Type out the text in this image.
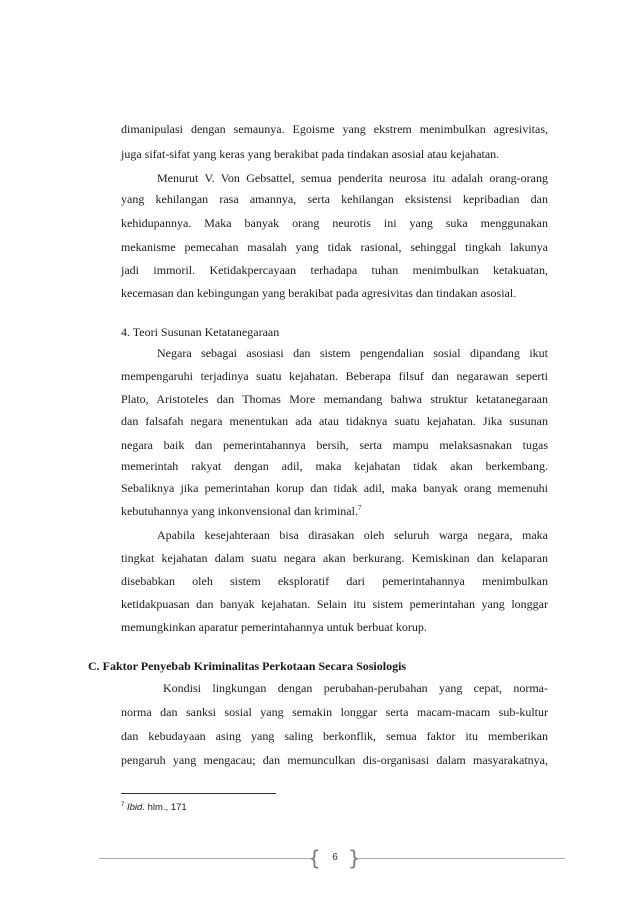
dimanipulasi dengan semaunya. Egoisme yang ekstrem menimbulkan agresivitas,
juga sifat-sifat yang keras yang berakibat pada tindakan asosial atau kejahatan.
Menurut V. Von Gebsattel, semua penderita neurosa itu adalah orang-orang
yang kehilangan rasa amannya, serta kehilangan eksistensi kepribadian dan
kehidupannya. Maka banyak orang neurotis ini yang suka menggunakan
mekanisme pemecahan masalah yang tidak rasional, sehinggal tingkah lakunya
jadi immoril. Ketidakpercayaan terhadapa tuhan menimbulkan ketakuatan,
kecemasan dan kebingungan yang berakibat pada agresivitas dan tindakan asosial.
4. Teori Susunan Ketatanegaraan
Negara sebagai asosiasi dan sistem pengendalian sosial dipandang ikut
mempengaruhi terjadinya suatu kejahatan. Beberapa filsuf dan negarawan seperti
Plato, Aristoteles dan Thomas More memandang bahwa struktur ketatanegaraan
dan falsafah negara menentukan ada atau tidaknya suatu kejahatan. Jika susunan
negara baik dan pemerintahannya bersih, serta mampu melaksasnakan tugas
memerintah rakyat dengan adil, maka kejahatan tidak akan berkembang.
Sebaliknya jika pemerintahan korup dan tidak adil, maka banyak orang memenuhi
kebutuhannya yang inkonvensional dan kriminal.$^7$
Apabila kesejahteraan bisa dirasakan oleh seluruh warga negara, maka
tingkat kejahatan dalam suatu negara akan berkurang. Kemiskinan dan kelaparan
disebabkan oleh sistem eksploratif dari pemerintahannya menimbulkan
ketidakpuasan dan banyak kejahatan. Selain itu sistem pemerintahan yang longgar
memungkinkan aparatur pemerintahannya untuk berbuat korup.
C. Faktor Penyebab Kriminalitas Perkotaan Secara Sosiologis
Kondisi lingkungan dengan perubahan-perubahan yang cepat, norma-
norma dan sanksi sosial yang semakin longgar serta macam-macam sub-kultur
dan kebudayaan asing yang saling berkonflik, semua faktor itu memberikan
pengaruh yang mengacau; dan memunculkan dis-organisasi dalam masyarakatnya,
$^7$ Ibid. hlm., 171
{	6 }
